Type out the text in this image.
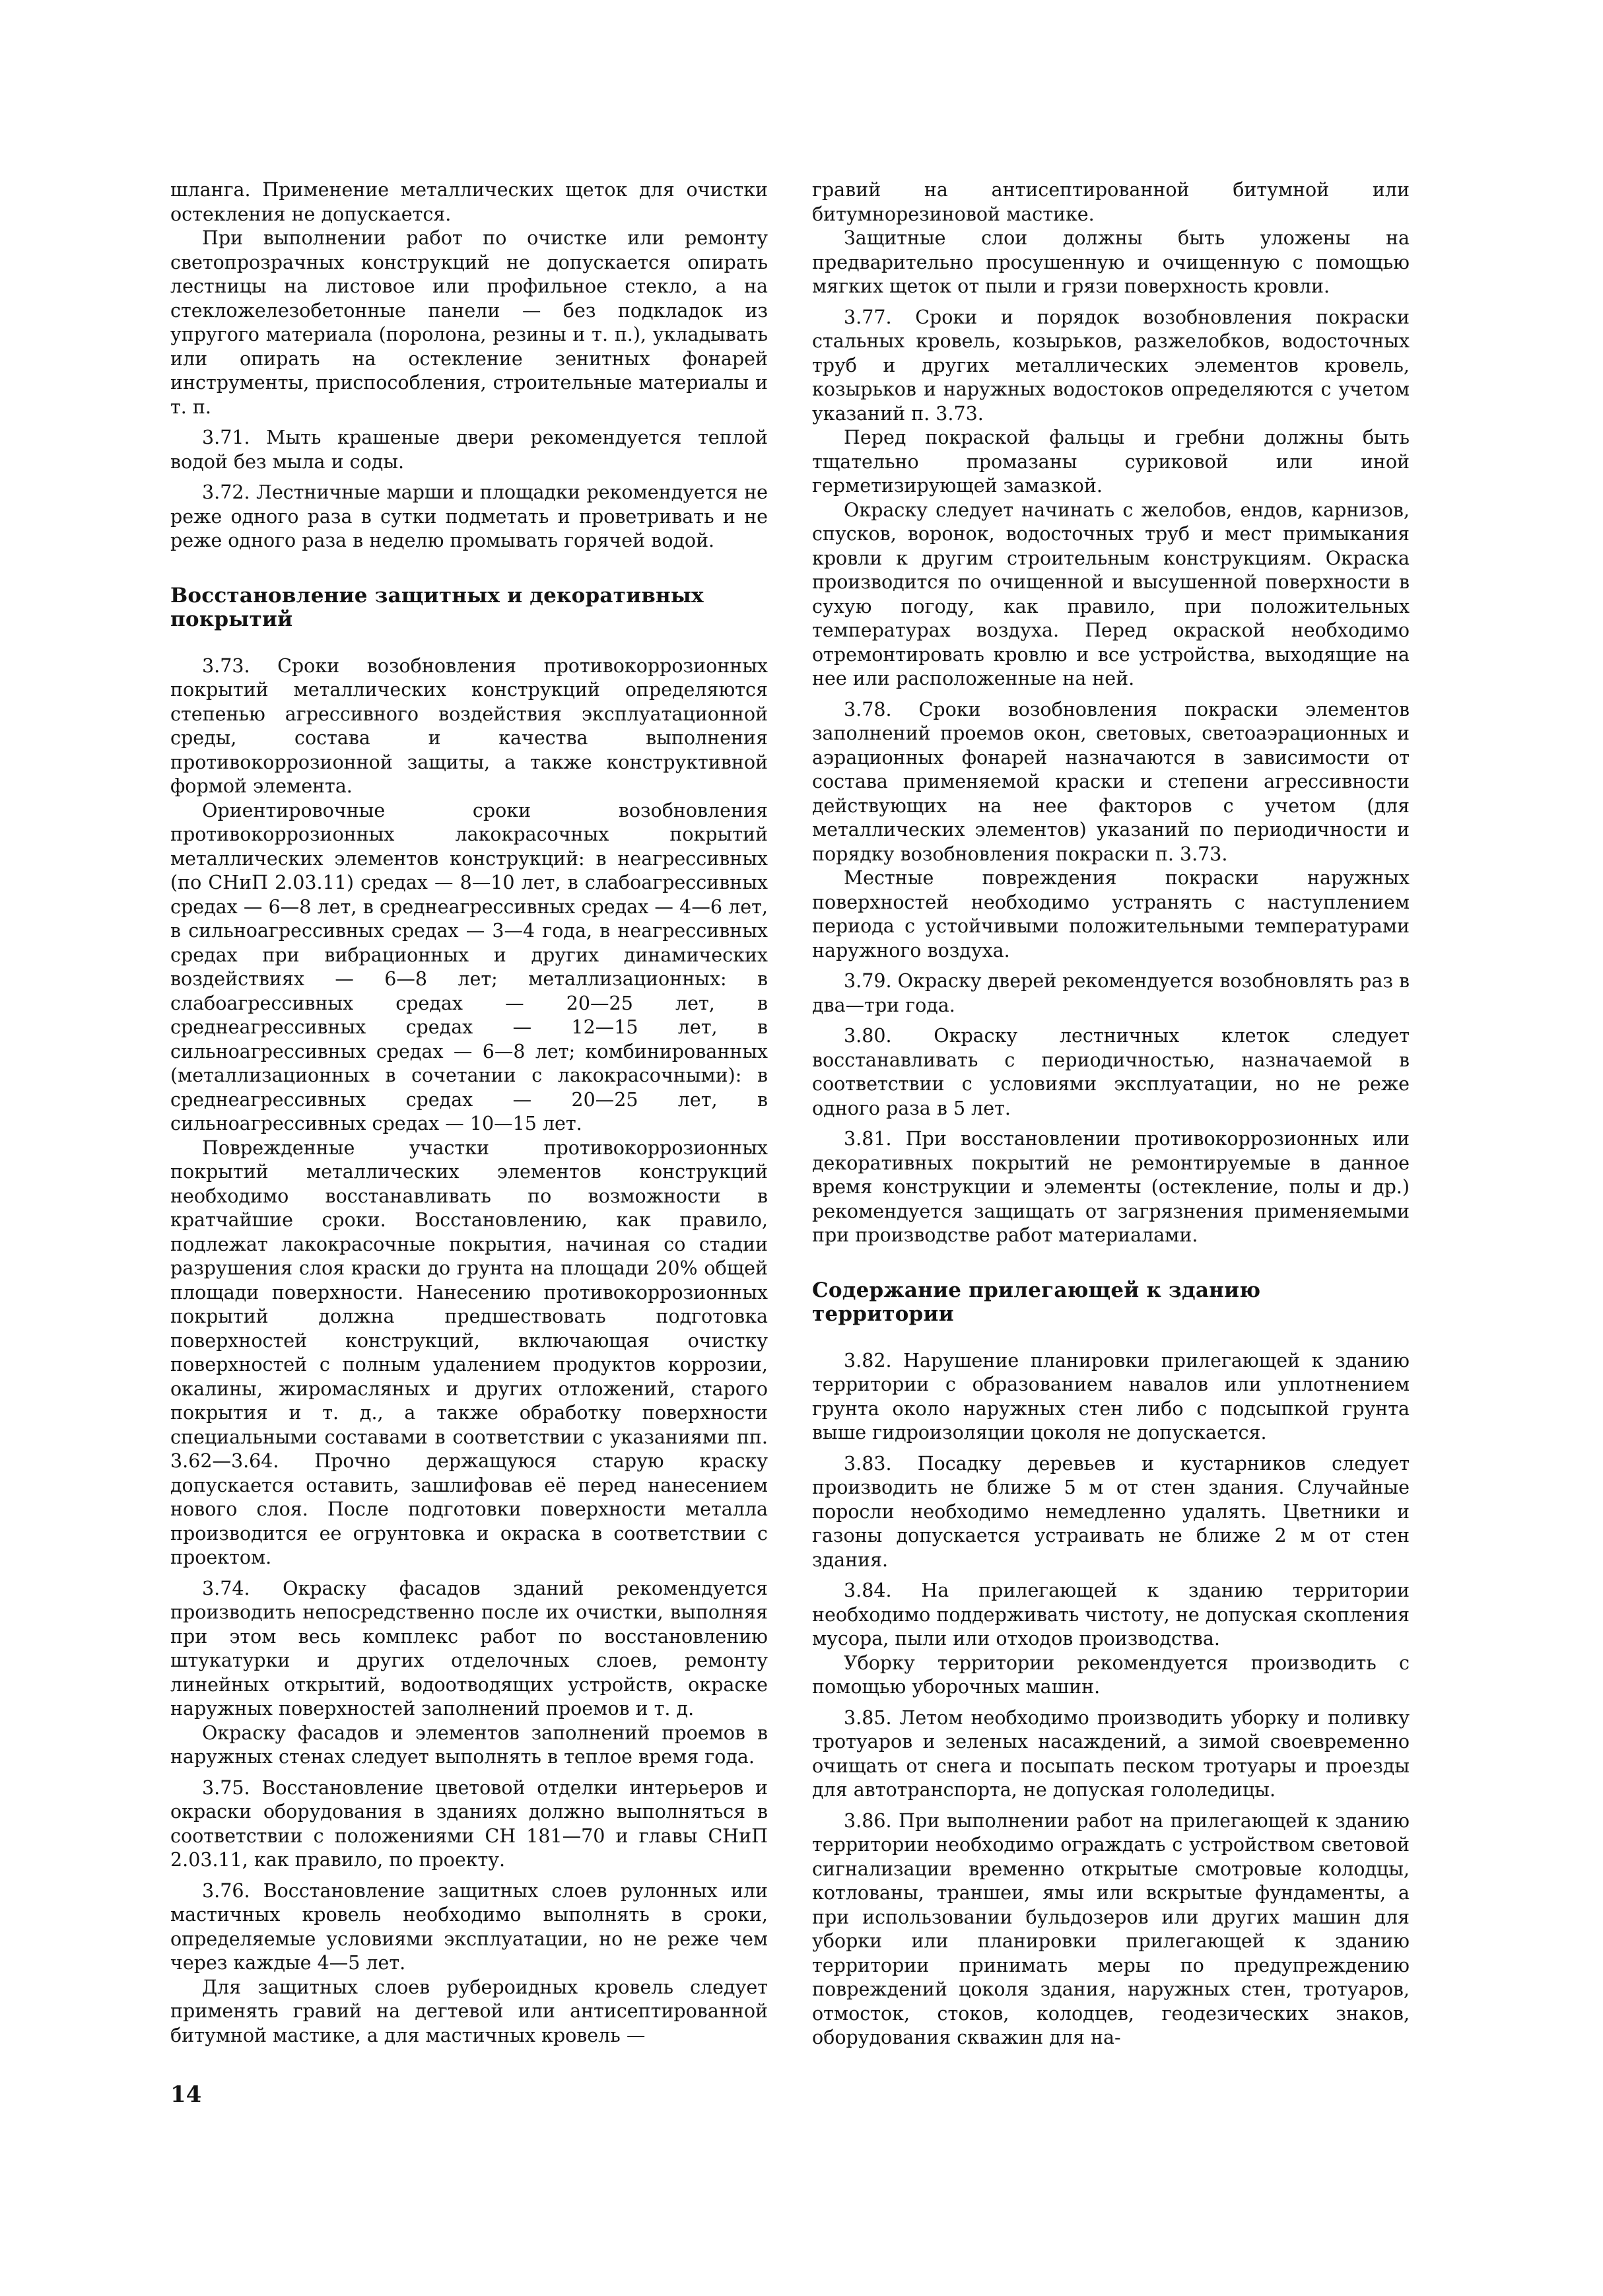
шланга. Применение металлических щеток для очистки остекления не допускается.

При выполнении работ по очистке или ремонту светопрозрачных конструкций не допускается опирать лестницы на листовое или профильное стекло, а на стекложелезобетонные панели — без подкладок из упругого материала (поролона, резины и т. п.), укладывать или опирать на остекление зенитных фонарей инструменты, приспособления, строительные материалы и т. п.

3.71. Мыть крашеные двери рекомендуется теплой водой без мыла и соды.

3.72. Лестничные марши и площадки рекомендуется не реже одного раза в сутки подметать и проветривать и не реже одного раза в неделю промывать горячей водой.

Восстановление защитных и декоративных покрытий

3.73. Сроки возобновления противокоррозионных покрытий металлических конструкций определяются степенью агрессивного воздействия эксплуатационной среды, состава и качества выполнения противокоррозионной защиты, а также конструктивной формой элемента.

Ориентировочные сроки возобновления противокоррозионных лакокрасочных покрытий металлических элементов конструкций: в неагрессивных (по СНиП 2.03.11) средах — 8—10 лет, в слабоагрессивных средах — 6—8 лет, в среднеагрессивных средах — 4—6 лет, в сильноагрессивных средах — 3—4 года, в неагрессивных средах при вибрационных и других динамических воздействиях — 6—8 лет; металлизационных: в слабоагрессивных средах — 20—25 лет, в среднеагрессивных средах — 12—15 лет, в сильноагрессивных средах — 6—8 лет; комбинированных (металлизационных в сочетании с лакокрасочными): в среднеагрессивных средах — 20—25 лет, в сильноагрессивных средах — 10—15 лет.

Поврежденные участки противокоррозионных покрытий металлических элементов конструкций необходимо восстанавливать по возможности в кратчайшие сроки. Восстановлению, как правило, подлежат лакокрасочные покрытия, начиная со стадии разрушения слоя краски до грунта на площади 20% общей площади поверхности. Нанесению противокоррозионных покрытий должна предшествовать подготовка поверхностей конструкций, включающая очистку поверхностей с полным удалением продуктов коррозии, окалины, жиромасляных и других отложений, старого покрытия и т. д., а также обработку поверхности специальными составами в соответствии с указаниями пп. 3.62—3.64. Прочно держащуюся старую краску допускается оставить, зашлифовав её перед нанесением нового слоя. После подготовки поверхности металла производится ее огрунтовка и окраска в соответствии с проектом.

3.74. Окраску фасадов зданий рекомендуется производить непосредственно после их очистки, выполняя при этом весь комплекс работ по восстановлению штукатурки и других отделочных слоев, ремонту линейных открытий, водоотводящих устройств, окраске наружных поверхностей заполнений проемов и т. д.

Окраску фасадов и элементов заполнений проемов в наружных стенах следует выполнять в теплое время года.

3.75. Восстановление цветовой отделки интерьеров и окраски оборудования в зданиях должно выполняться в соответствии с положениями СН 181—70 и главы СНиП 2.03.11, как правило, по проекту.

3.76. Восстановление защитных слоев рулонных или мастичных кровель необходимо выполнять в сроки, определяемые условиями эксплуатации, но не реже чем через каждые 4—5 лет.

Для защитных слоев рубероидных кровель следует применять гравий на дегтевой или антисептированной битумной мастике, а для мастичных кровель —

гравий на антисептированной битумной или битумнорезиновой мастике.

Защитные слои должны быть уложены на предварительно просушенную и очищенную с помощью мягких щеток от пыли и грязи поверхность кровли.

3.77. Сроки и порядок возобновления покраски стальных кровель, козырьков, разжелобков, водосточных труб и других металлических элементов кровель, козырьков и наружных водостоков определяются с учетом указаний п. 3.73.

Перед покраской фальцы и гребни должны быть тщательно промазаны суриковой или иной герметизирующей замазкой.

Окраску следует начинать с желобов, ендов, карнизов, спусков, воронок, водосточных труб и мест примыкания кровли к другим строительным конструкциям. Окраска производится по очищенной и высушенной поверхности в сухую погоду, как правило, при положительных температурах воздуха. Перед окраской необходимо отремонтировать кровлю и все устройства, выходящие на нее или расположенные на ней.

3.78. Сроки возобновления покраски элементов заполнений проемов окон, световых, светоаэрационных и аэрационных фонарей назначаются в зависимости от состава применяемой краски и степени агрессивности действующих на нее факторов с учетом (для металлических элементов) указаний по периодичности и порядку возобновления покраски п. 3.73.

Местные повреждения покраски наружных поверхностей необходимо устранять с наступлением периода с устойчивыми положительными температурами наружного воздуха.

3.79. Окраску дверей рекомендуется возобновлять раз в два—три года.

3.80. Окраску лестничных клеток следует восстанавливать с периодичностью, назначаемой в соответствии с условиями эксплуатации, но не реже одного раза в 5 лет.

3.81. При восстановлении противокоррозионных или декоративных покрытий не ремонтируемые в данное время конструкции и элементы (остекление, полы и др.) рекомендуется защищать от загрязнения применяемыми при производстве работ материалами.

Содержание прилегающей к зданию территории

3.82. Нарушение планировки прилегающей к зданию территории с образованием навалов или уплотнением грунта около наружных стен либо с подсыпкой грунта выше гидроизоляции цоколя не допускается.

3.83. Посадку деревьев и кустарников следует производить не ближе 5 м от стен здания. Случайные поросли необходимо немедленно удалять. Цветники и газоны допускается устраивать не ближе 2 м от стен здания.

3.84. На прилегающей к зданию территории необходимо поддерживать чистоту, не допуская скопления мусора, пыли или отходов производства.

Уборку территории рекомендуется производить с помощью уборочных машин.

3.85. Летом необходимо производить уборку и поливку тротуаров и зеленых насаждений, а зимой своевременно очищать от снега и посыпать песком тротуары и проезды для автотранспорта, не допуская гололедицы.

3.86. При выполнении работ на прилегающей к зданию территории необходимо ограждать с устройством световой сигнализации временно открытые смотровые колодцы, котлованы, траншеи, ямы или вскрытые фундаменты, а при использовании бульдозеров или других машин для уборки или планировки прилегающей к зданию территории принимать меры по предупреждению повреждений цоколя здания, наружных стен, тротуаров, отмосток, стоков, колодцев, геодезических знаков, оборудования скважин для на-

14
